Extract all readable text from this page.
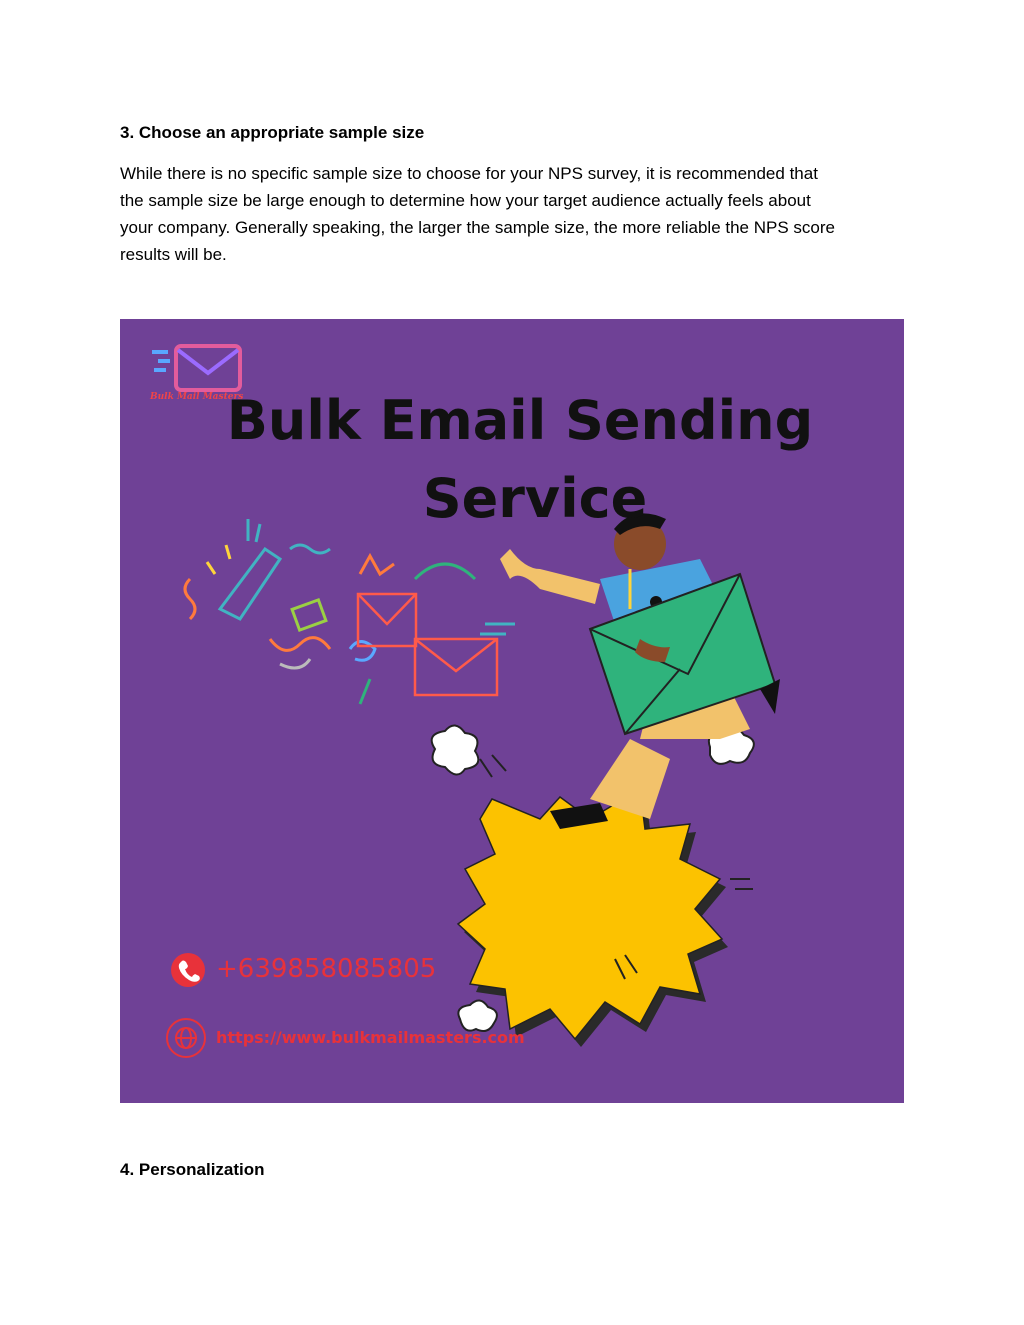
3. Choose an appropriate sample size
While there is no specific sample size to choose for your NPS survey, it is recommended that
the sample size be large enough to determine how your target audience actually feels about
your company. Generally speaking, the larger the sample size, the more reliable the NPS score
results will be.
Bulk Mail Masters
Bulk Email Sending
Service
+639858085805
https://www.bulkmailmasters.com
4. Personalization
